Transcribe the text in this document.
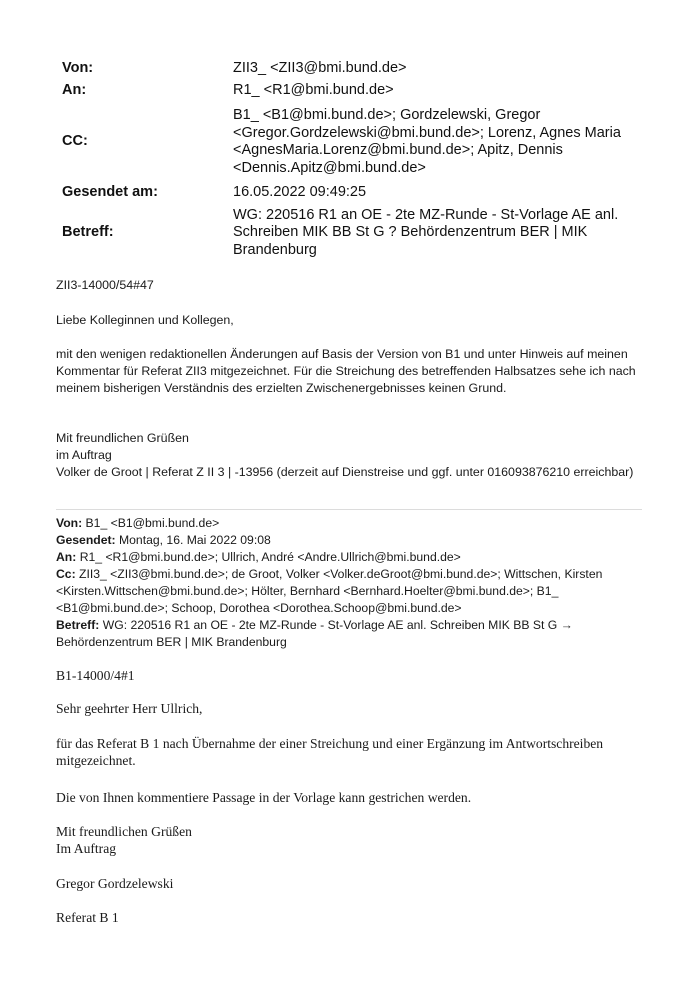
Von:	ZII3_ <ZII3@bmi.bund.de>
An:	R1_ <R1@bmi.bund.de>
CC:	B1_ <B1@bmi.bund.de>; Gordzelewski, Gregor
<Gregor.Gordzelewski@bmi.bund.de>; Lorenz, Agnes Maria
<AgnesMaria.Lorenz@bmi.bund.de>; Apitz, Dennis
<Dennis.Apitz@bmi.bund.de>

Gesendet am:	16.05.2022 09:49:25
Betreff:	WG: 220516 R1 an OE - 2te MZ-Runde - St-Vorlage AE anl.
Schreiben MIK BB St G ? Behördenzentrum BER | MIK
Brandenburg
ZII3-14000/54#47
Liebe Kolleginnen und Kollegen,
mit den wenigen redaktionellen Änderungen auf Basis der Version von B1 und unter Hinweis auf meinen
Kommentar für Referat ZII3 mitgezeichnet. Für die Streichung des betreffenden Halbsatzes sehe ich nach
meinem bisherigen Verständnis des erzielten Zwischenergebnisses keinen Grund.
Mit freundlichen Grüßen
im Auftrag
Volker de Groot | Referat Z II 3 | -13956 (derzeit auf Dienstreise und ggf. unter 016093876210 erreichbar)
Von: B1_ <B1@bmi.bund.de>
Gesendet: Montag, 16. Mai 2022 09:08
An: R1_ <R1@bmi.bund.de>; Ullrich, André <Andre.Ullrich@bmi.bund.de>
Cc: ZII3_ <ZII3@bmi.bund.de>; de Groot, Volker <Volker.deGroot@bmi.bund.de>; Wittschen, Kirsten
<Kirsten.Wittschen@bmi.bund.de>; Hölter, Bernhard <Bernhard.Hoelter@bmi.bund.de>; B1_
<B1@bmi.bund.de>; Schoop, Dorothea <Dorothea.Schoop@bmi.bund.de>
Betreff: WG: 220516 R1 an OE - 2te MZ-Runde - St-Vorlage AE anl. Schreiben MIK BB St G →
Behördenzentrum BER | MIK Brandenburg
B1-14000/4#1
Sehr geehrter Herr Ullrich,
für das Referat B 1 nach Übernahme der einer Streichung und einer Ergänzung im Antwortschreiben
mitgezeichnet.
Die von Ihnen kommentiere Passage in der Vorlage kann gestrichen werden.
Mit freundlichen Grüßen
Im Auftrag
Gregor Gordzelewski
Referat B 1
